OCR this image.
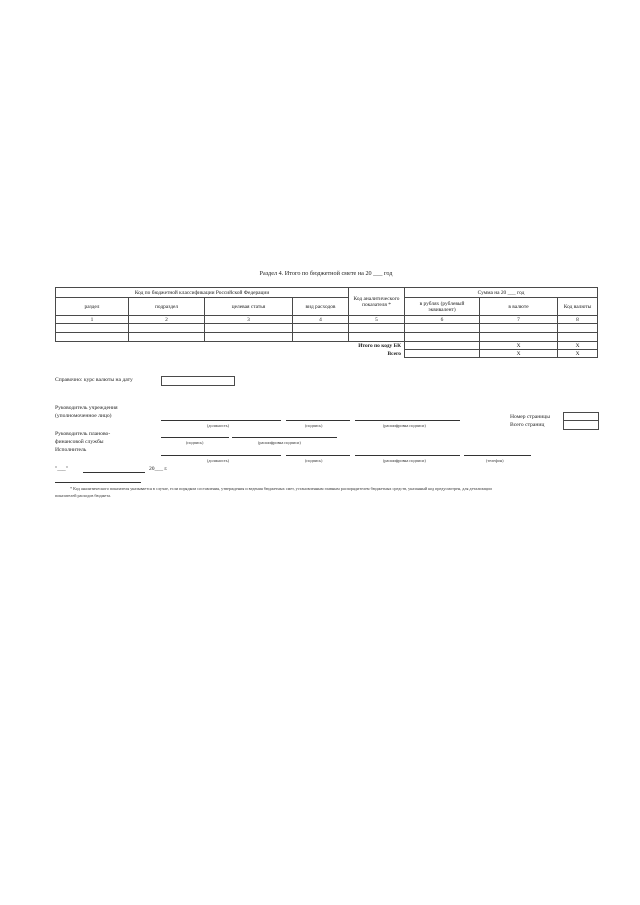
Раздел 4. Итого по бюджетной смете на 20 ___ год
Код по бюджетной классификации Российской Федерации				Код аналитического показателя *	Сумма на 20 ___ год		
раздел	подраздел	целевая статья	вид расходов		в рублях (рублевый эквивалент)	в валюте	Код валюты
1	2	3	4	5	6	7	8

Итого по коду БК						X	X
Всего						X	X
Справочно: курс валюты на дату
Руководитель учреждения
(уполномоченное лицо)
(должность)	(подпись)	(расшифровка подписи)
Номер страницы
Всего страниц
Руководитель планово-
финансовой службы	(подпись)	(расшифровка подписи)
Исполнитель
(должность)	(подпись)	(расшифровка подписи)	(телефон)
"___"	20___ г.
* Код аналитического показателя указывается в случае, если порядком составления, утверждения и ведения бюджетных смет, установленным главным распорядителем бюджетных средств, указанный код предусмотрен, для детализации
показателей расходов бюджета.
